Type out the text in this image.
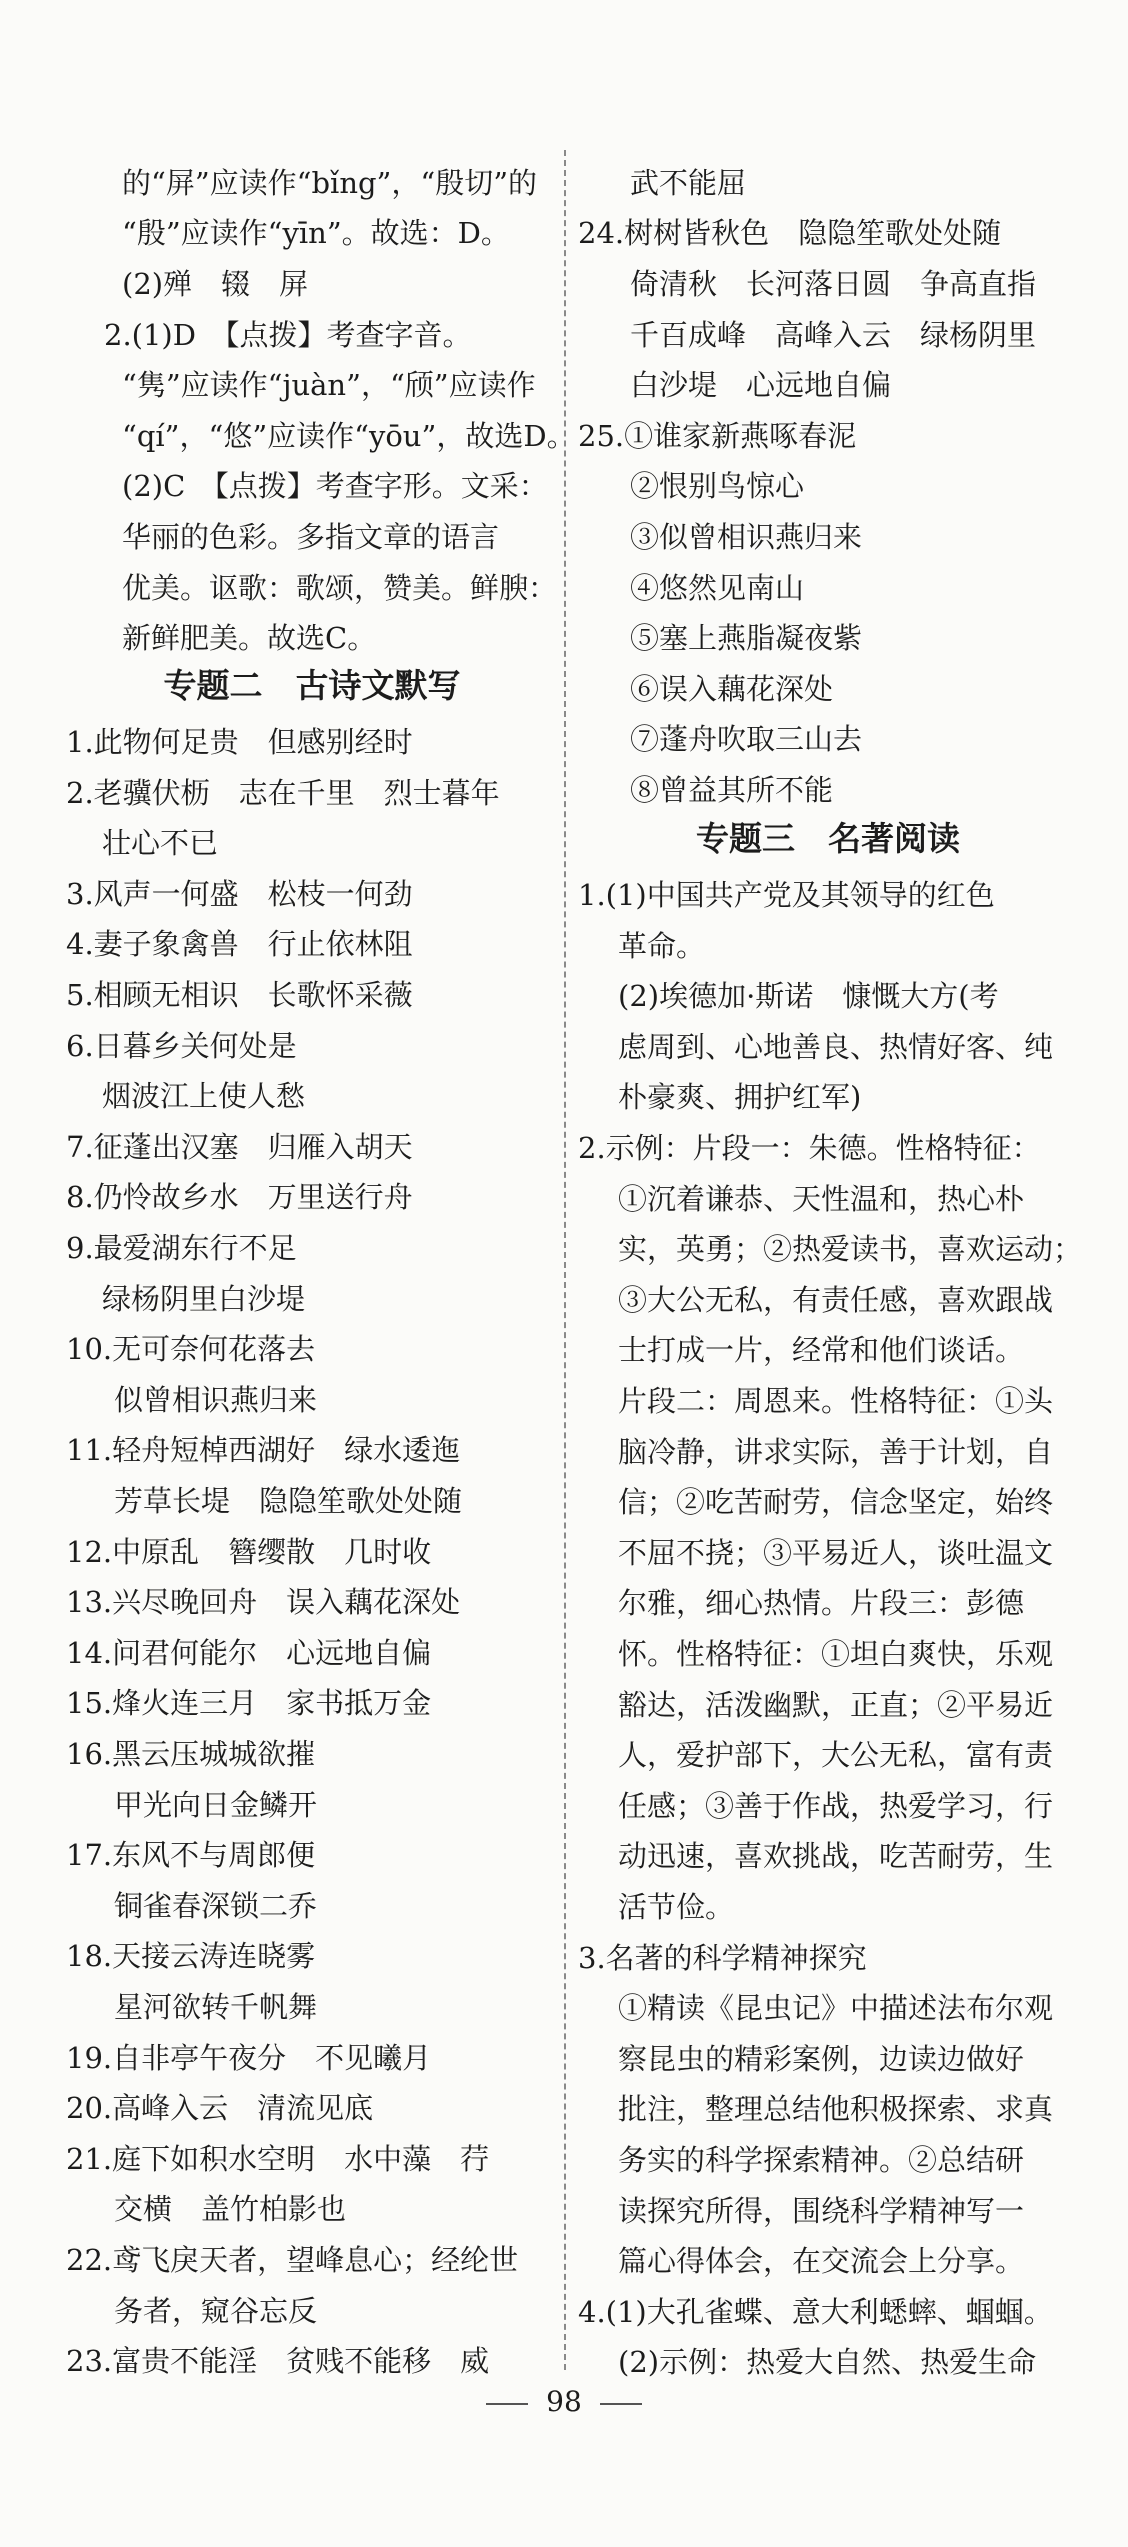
的“屏”应读作“bǐng”，“殷切”的
“殷”应读作“yīn”。故选：D。
(2)殚　辍　屏
2.(1)D　【点拨】考查字音。
“隽”应读作“juàn”，“颀”应读作
“qí”，“悠”应读作“yōu”，故选D。
(2)C　【点拨】考查字形。文采：
华丽的色彩。多指文章的语言
优美。讴歌：歌颂，赞美。鲜腴：
新鲜肥美。故选C。
专题二　古诗文默写
1.此物何足贵　但感别经时
2.老骥伏枥　志在千里　烈士暮年
壮心不已
3.风声一何盛　松枝一何劲
4.妻子象禽兽　行止依林阻
5.相顾无相识　长歌怀采薇
6.日暮乡关何处是
烟波江上使人愁
7.征蓬出汉塞　归雁入胡天
8.仍怜故乡水　万里送行舟
9.最爱湖东行不足
绿杨阴里白沙堤
10.无可奈何花落去
似曾相识燕归来
11.轻舟短棹西湖好　绿水逶迤
芳草长堤　隐隐笙歌处处随
12.中原乱　簪缨散　几时收
13.兴尽晚回舟　误入藕花深处
14.问君何能尔　心远地自偏
15.烽火连三月　家书抵万金
16.黑云压城城欲摧
甲光向日金鳞开
17.东风不与周郎便
铜雀春深锁二乔
18.天接云涛连晓雾
星河欲转千帆舞
19.自非亭午夜分　不见曦月
20.高峰入云　清流见底
21.庭下如积水空明　水中藻　荇
交横　盖竹柏影也
22.鸢飞戾天者，望峰息心；经纶世
务者，窥谷忘反
23.富贵不能淫　贫贱不能移　威
武不能屈
24.树树皆秋色　隐隐笙歌处处随
倚清秋　长河落日圆　争高直指
千百成峰　高峰入云　绿杨阴里
白沙堤　心远地自偏
25.①谁家新燕啄春泥
②恨别鸟惊心
③似曾相识燕归来
④悠然见南山
⑤塞上燕脂凝夜紫
⑥误入藕花深处
⑦蓬舟吹取三山去
⑧曾益其所不能
专题三　名著阅读
1.(1)中国共产党及其领导的红色
革命。
(2)埃德加·斯诺　慷慨大方(考
虑周到、心地善良、热情好客、纯
朴豪爽、拥护红军)
2.示例：片段一：朱德。性格特征：
①沉着谦恭、天性温和，热心朴
实，英勇；②热爱读书，喜欢运动；
③大公无私，有责任感，喜欢跟战
士打成一片，经常和他们谈话。
片段二：周恩来。性格特征：①头
脑冷静，讲求实际，善于计划，自
信；②吃苦耐劳，信念坚定，始终
不屈不挠；③平易近人，谈吐温文
尔雅，细心热情。片段三：彭德
怀。性格特征：①坦白爽快，乐观
豁达，活泼幽默，正直；②平易近
人，爱护部下，大公无私，富有责
任感；③善于作战，热爱学习，行
动迅速，喜欢挑战，吃苦耐劳，生
活节俭。
3.名著的科学精神探究
①精读《昆虫记》中描述法布尔观
察昆虫的精彩案例，边读边做好
批注，整理总结他积极探索、求真
务实的科学探索精神。②总结研
读探究所得，围绕科学精神写一
篇心得体会，在交流会上分享。
4.(1)大孔雀蝶、意大利蟋蟀、蝈蝈。
(2)示例：热爱大自然、热爱生命
98
